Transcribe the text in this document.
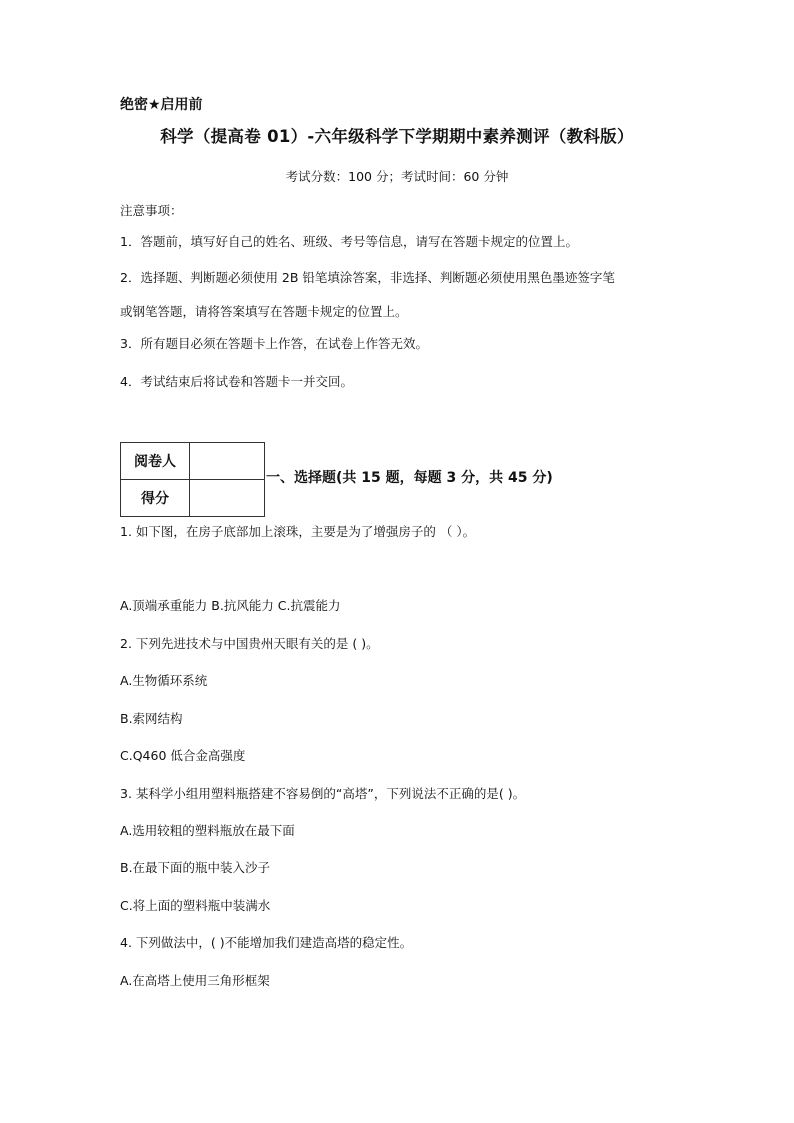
绝密★启用前
科学（提高卷 01）-六年级科学下学期期中素养测评（教科版）
考试分数：100 分；考试时间：60 分钟
注意事项：
1．答题前，填写好自己的姓名、班级、考号等信息，请写在答题卡规定的位置上。
2．选择题、判断题必须使用 2B 铅笔填涂答案，非选择、判断题必须使用黑色墨迹签字笔
或钢笔答题，请将答案填写在答题卡规定的位置上。
3．所有题目必须在答题卡上作答，在试卷上作答无效。
4．考试结束后将试卷和答题卡一并交回。
阅卷人	
得分	
一、选择题(共 15 题，每题 3 分，共 45 分)
1. 如下图，在房子底部加上滚珠，主要是为了增强房子的 （ ）。
A.顶端承重能力 B.抗风能力 C.抗震能力
2. 下列先进技术与中国贵州天眼有关的是 ( )。
A.生物循环系统
B.索网结构
C.Q460 低合金高强度
3. 某科学小组用塑料瓶搭建不容易倒的“高塔”，下列说法不正确的是( )。
A.选用较粗的塑料瓶放在最下面
B.在最下面的瓶中装入沙子
C.将上面的塑料瓶中装满水
4. 下列做法中，( )不能增加我们建造高塔的稳定性。
A.在高塔上使用三角形框架
